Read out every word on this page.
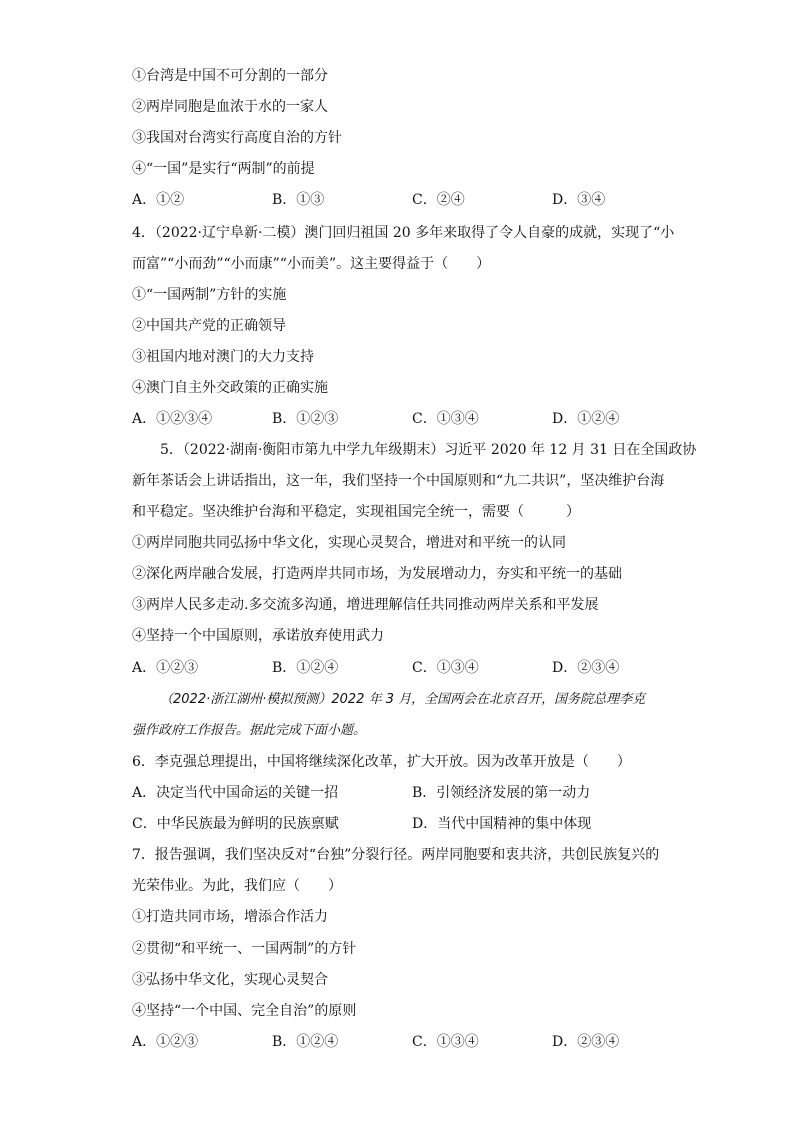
①台湾是中国不可分割的一部分
②两岸同胞是血浓于水的一家人
③我国对台湾实行高度自治的方针
④“一国”是实行“两制”的前提
A．①②	B．①③	C．②④	D．③④
4．（2022·辽宁阜新·二模）澳门回归祖国 20 多年来取得了令人自豪的成就，实现了“小
而富”“小而劲”“小而康”“小而美”。这主要得益于（　　）
①“一国两制”方针的实施
②中国共产党的正确领导
③祖国内地对澳门的大力支持
④澳门自主外交政策的正确实施
A．①②③④	B．①②③	C．①③④	D．①②④
5．（2022·湖南·衡阳市第九中学九年级期末）习近平 2020 年 12 月 31 日在全国政协
新年茶话会上讲话指出，这一年，我们坚持一个中国原则和“九二共识”，坚决维护台海
和平稳定。坚决维护台海和平稳定，实现祖国完全统一，需要（　　　）
①两岸同胞共同弘扬中华文化，实现心灵契合，增进对和平统一的认同
②深化两岸融合发展，打造两岸共同市场，为发展增动力，夯实和平统一的基础
③两岸人民多走动.多交流多沟通，增进理解信任共同推动两岸关系和平发展
④坚持一个中国原则，承诺放弃使用武力
A．①②③	B．①②④	C．①③④	D．②③④
（2022·浙江湖州·模拟预测）2022 年 3 月，全国两会在北京召开，国务院总理李克
强作政府工作报告。据此完成下面小题。
6．李克强总理提出，中国将继续深化改革，扩大开放。因为改革开放是（　　）
A．决定当代中国命运的关键一招	B．引领经济发展的第一动力
C．中华民族最为鲜明的民族禀赋	D．当代中国精神的集中体现
7．报告强调，我们坚决反对“台独”分裂行径。两岸同胞要和衷共济，共创民族复兴的
光荣伟业。为此，我们应（　　）
①打造共同市场，增添合作活力
②贯彻“和平统一、一国两制”的方针
③弘扬中华文化，实现心灵契合
④坚持“一个中国、完全自治”的原则
A．①②③	B．①②④	C．①③④	D．②③④
